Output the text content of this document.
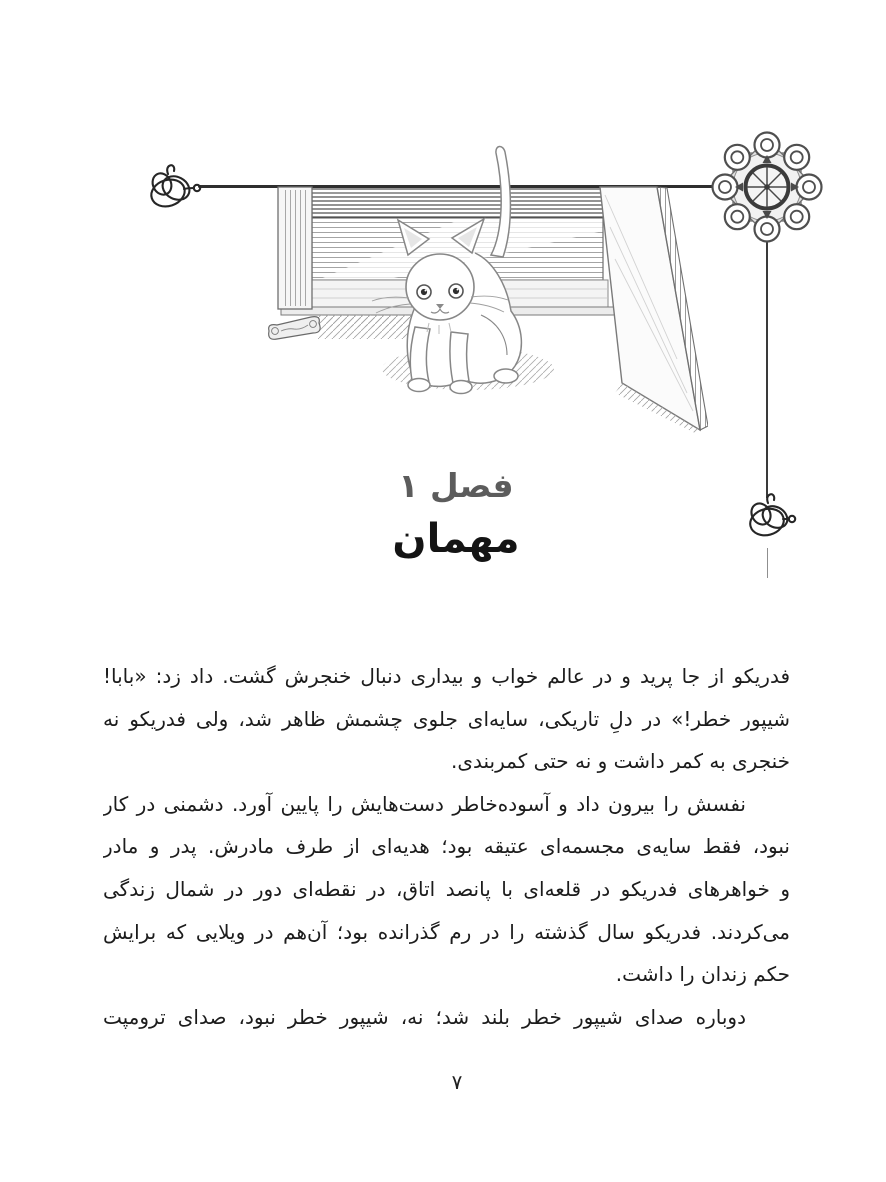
فصل ۱
مهمان
فدریکو از جا پرید و در عالم خواب و بیداری دنبال خنجرش گشت. داد زد: «بابا!
شیپور خطر!» در دلِ تاریکی، سایه‌ای جلوی چشمش ظاهر شد، ولی فدریکو نه
خنجری به کمر داشت و نه حتی کمربندی.
نفسش را بیرون داد و آسوده‌خاطر دست‌هایش را پایین آورد. دشمنی در کار
نبود، فقط سایه‌ی مجسمه‌ای عتیقه بود؛ هدیه‌ای از طرف مادرش. پدر و مادر
و خواهرهای فدریکو در قلعه‌ای با پانصد اتاق، در نقطه‌ای دور در شمال زندگی
می‌کردند. فدریکو سال گذشته را در رم گذرانده بود؛ آن‌هم در ویلایی که برایش
حکم زندان را داشت.
دوباره صدای شیپور خطر بلند شد؛ نه، شیپور خطر نبود، صدای ترومپت
۷
